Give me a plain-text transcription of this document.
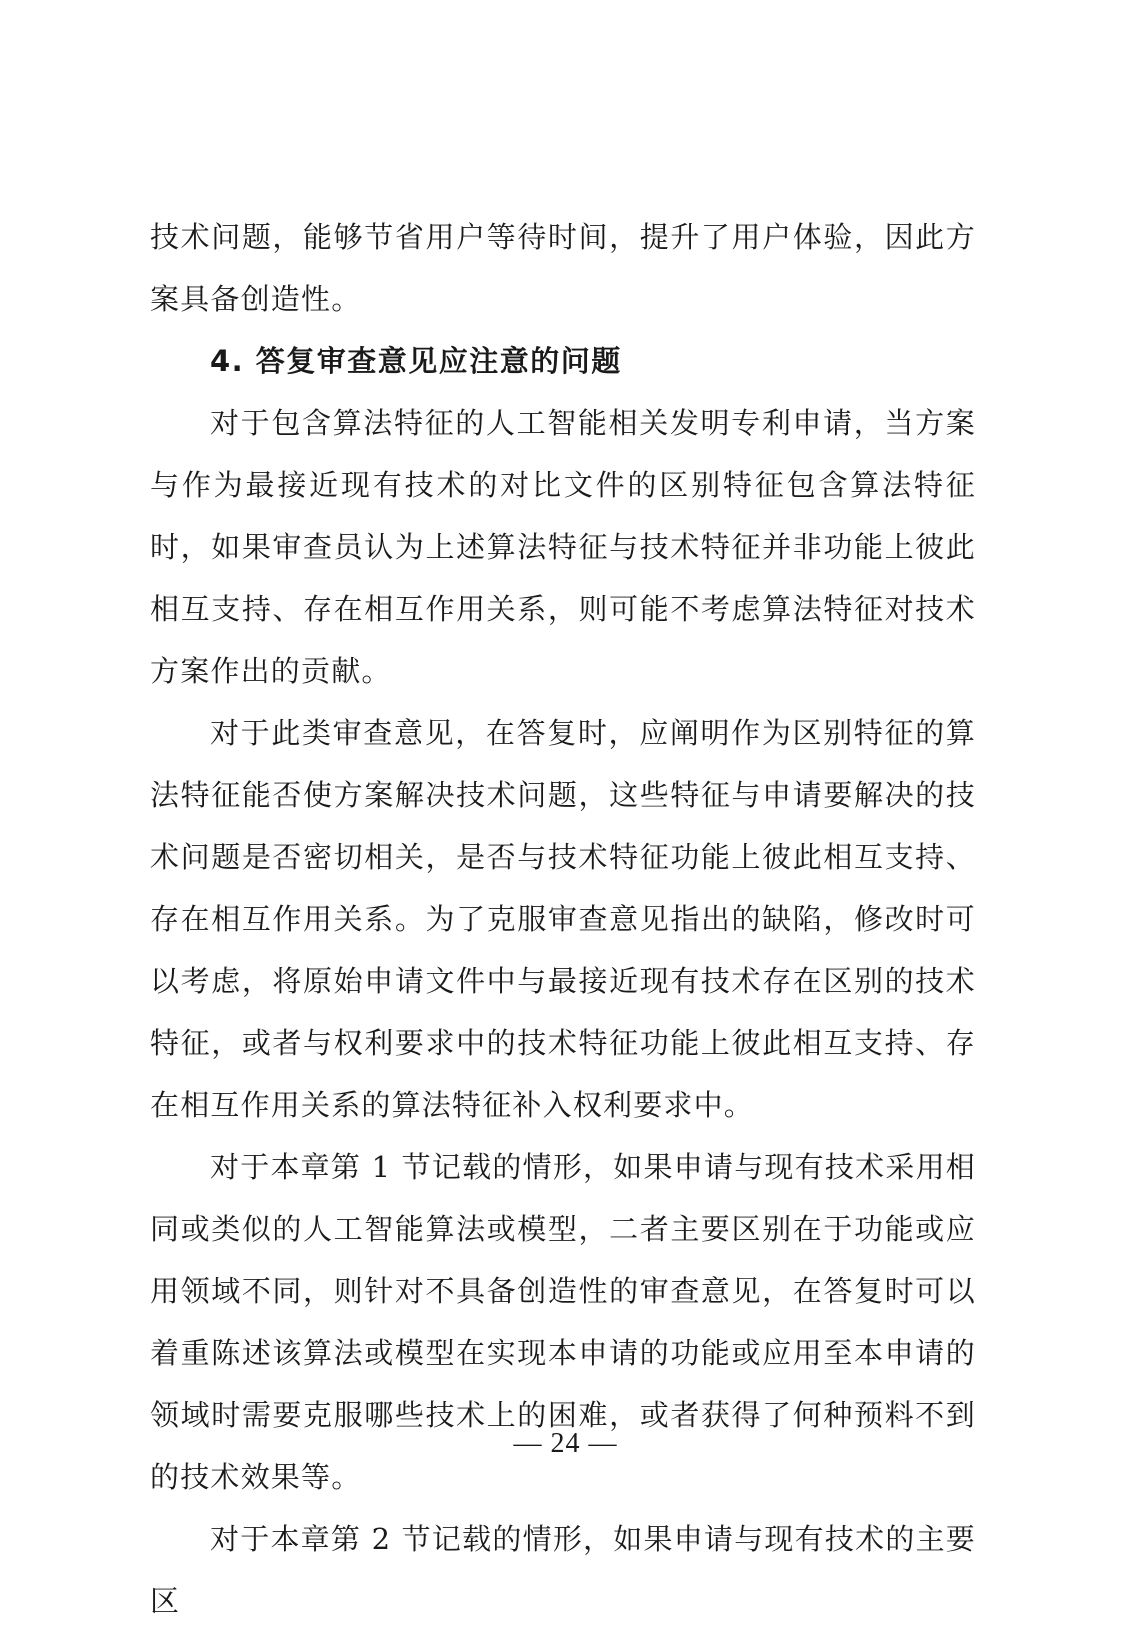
技术问题，能够节省用户等待时间，提升了用户体验，因此方案具备创造性。

4. 答复审查意见应注意的问题

对于包含算法特征的人工智能相关发明专利申请，当方案与作为最接近现有技术的对比文件的区别特征包含算法特征时，如果审查员认为上述算法特征与技术特征并非功能上彼此相互支持、存在相互作用关系，则可能不考虑算法特征对技术方案作出的贡献。

对于此类审查意见，在答复时，应阐明作为区别特征的算法特征能否使方案解决技术问题，这些特征与申请要解决的技术问题是否密切相关，是否与技术特征功能上彼此相互支持、存在相互作用关系。为了克服审查意见指出的缺陷，修改时可以考虑，将原始申请文件中与最接近现有技术存在区别的技术特征，或者与权利要求中的技术特征功能上彼此相互支持、存在相互作用关系的算法特征补入权利要求中。

对于本章第 1 节记载的情形，如果申请与现有技术采用相同或类似的人工智能算法或模型，二者主要区别在于功能或应用领域不同，则针对不具备创造性的审查意见，在答复时可以着重陈述该算法或模型在实现本申请的功能或应用至本申请的领域时需要克服哪些技术上的困难，或者获得了何种预料不到的技术效果等。

对于本章第 2 节记载的情形，如果申请与现有技术的主要区

— 24 —
